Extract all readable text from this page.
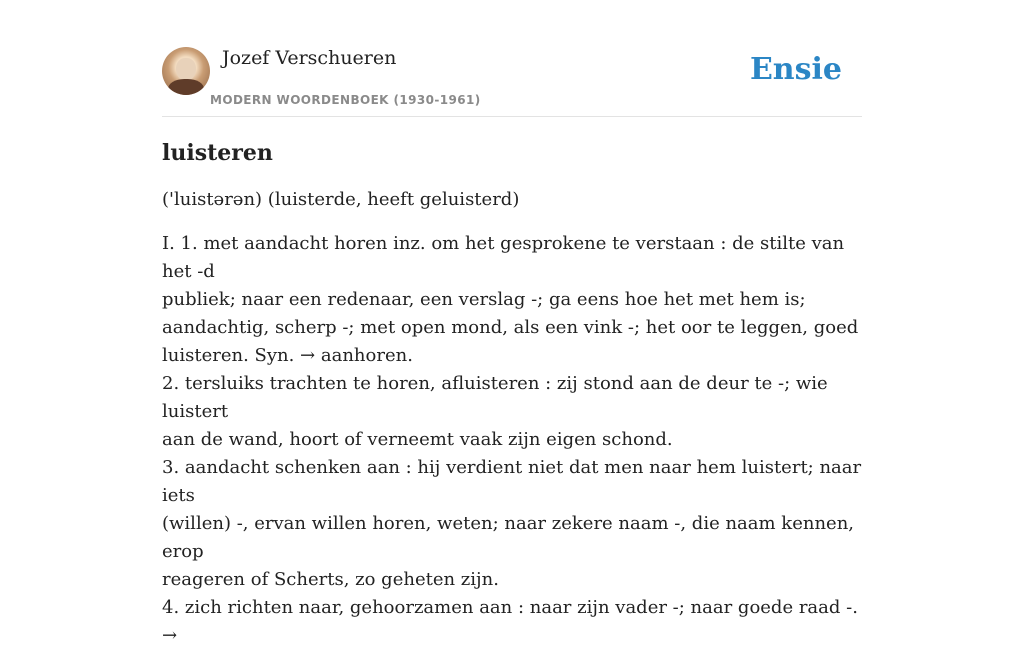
Jozef Verschueren
MODERN WOORDENBOEK (1930-1961)
Ensie
luisteren
('luistərən) (luisterde, heeft geluisterd)
I. 1. met aandacht horen inz. om het gesprokene te verstaan : de stilte van het -d
publiek; naar een redenaar, een verslag -; ga eens hoe het met hem is;
aandachtig, scherp -; met open mond, als een vink -; het oor te leggen, goed
luisteren. Syn. → aanhoren.
2. tersluiks trachten te horen, afluisteren : zij stond aan de deur te -; wie luistert
aan de wand, hoort of verneemt vaak zijn eigen schond.
3. aandacht schenken aan : hij verdient niet dat men naar hem luistert; naar iets
(willen) -, ervan willen horen, weten; naar zekere naam -, die naam kennen, erop
reageren of Scherts, zo geheten zijn.
4. zich richten naar, gehoorzamen aan : naar zijn vader -; naar goede raad -. →
